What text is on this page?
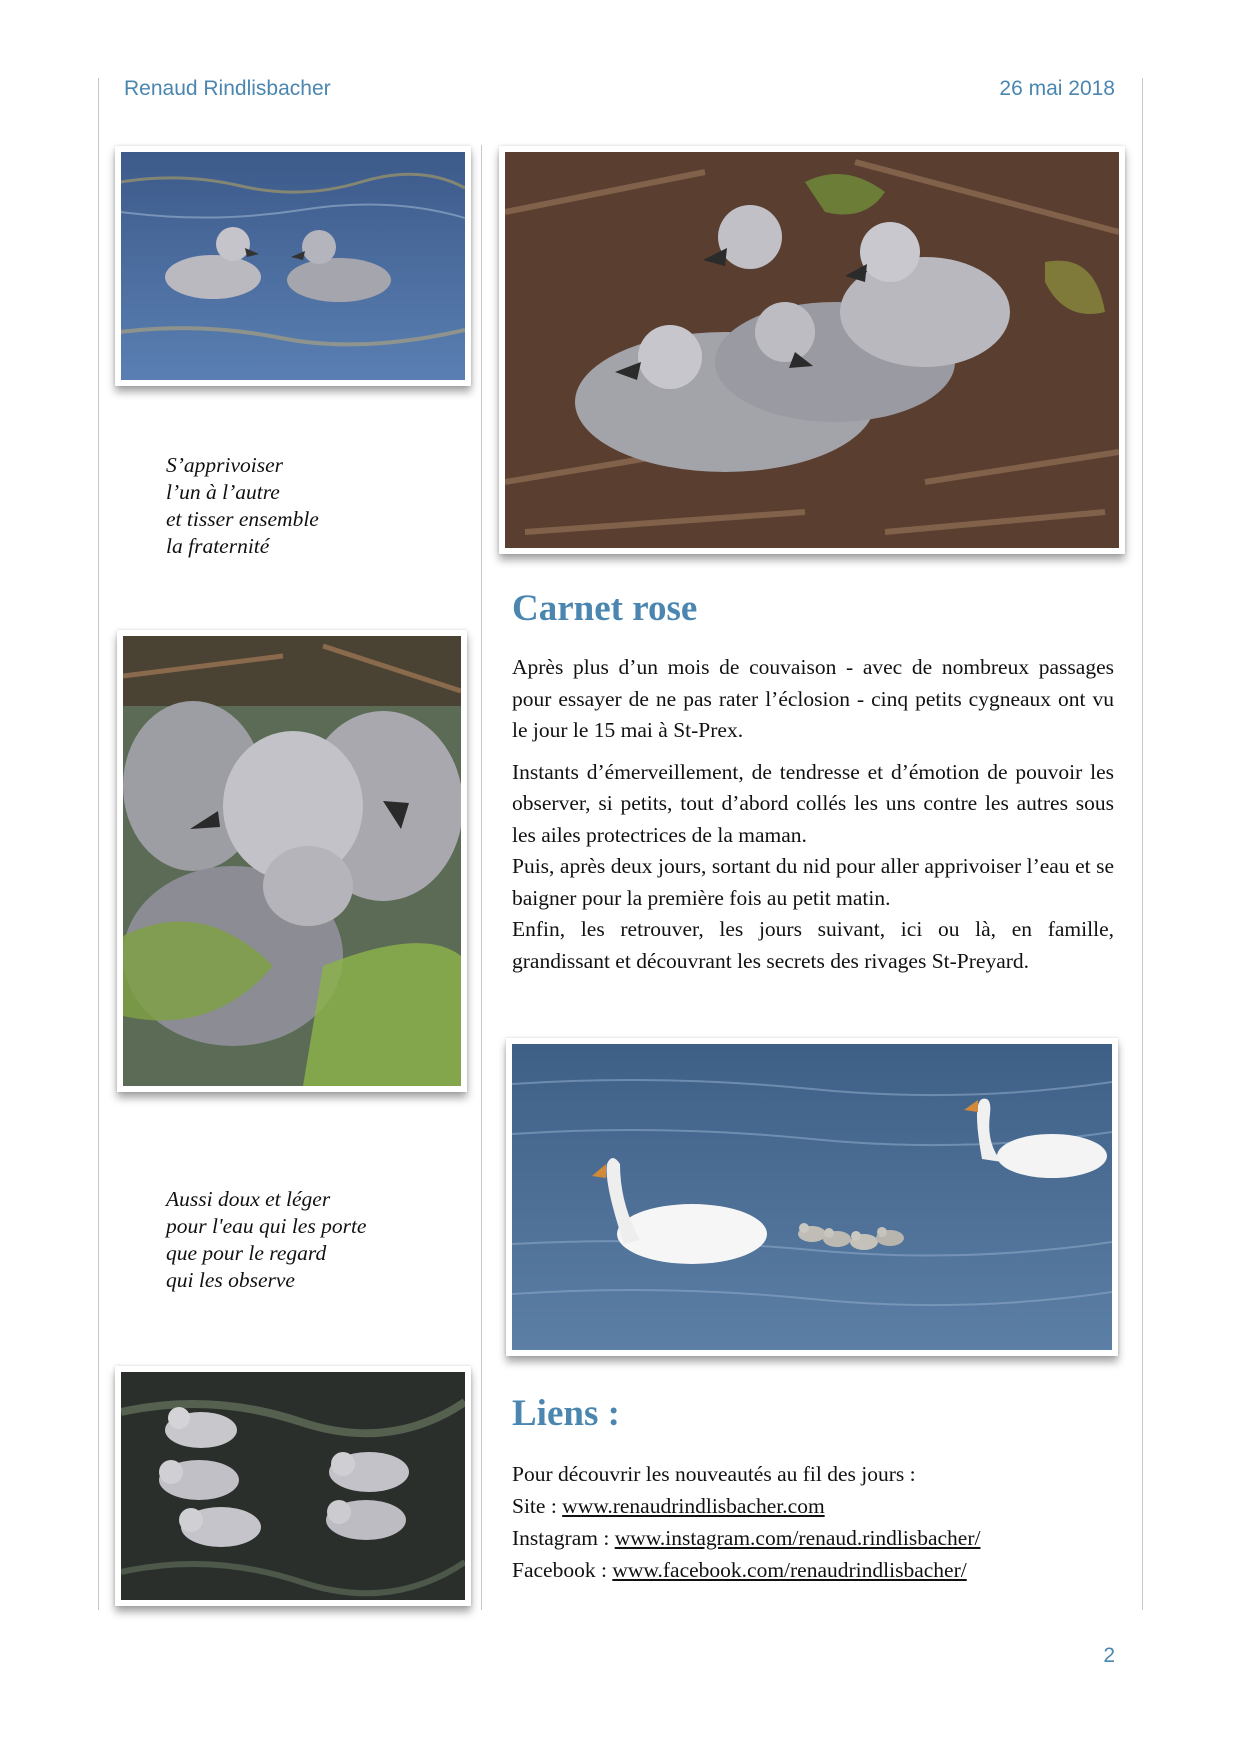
Renaud Rindlisbacher	26 mai 2018
S’apprivoiser
l’un à l’autre
et tisser ensemble
la fraternité
Aussi doux et léger
pour l'eau qui les porte
que pour le regard
qui les observe
Carnet rose

Après plus d’un mois de couvaison - avec de nombreux passages pour essayer de ne pas rater l’éclosion - cinq petits cygneaux ont vu le jour le 15 mai à St-Prex.

Instants d’émerveillement, de tendresse et d’émotion de pouvoir les observer, si petits, tout d’abord collés les uns contre les autres sous les ailes protectrices de la maman.

Puis, après deux jours, sortant du nid pour aller apprivoiser l’eau et se baigner pour la première fois au petit matin.

Enfin, les retrouver, les jours suivant, ici ou là, en famille, grandissant et découvrant les secrets des rivages St-Preyard.

Liens :
Pour découvrir les nouveautés au fil des jours :
Site : www.renaudrindlisbacher.com
Instagram : www.instagram.com/renaud.rindlisbacher/
Facebook : www.facebook.com/renaudrindlisbacher/
2
